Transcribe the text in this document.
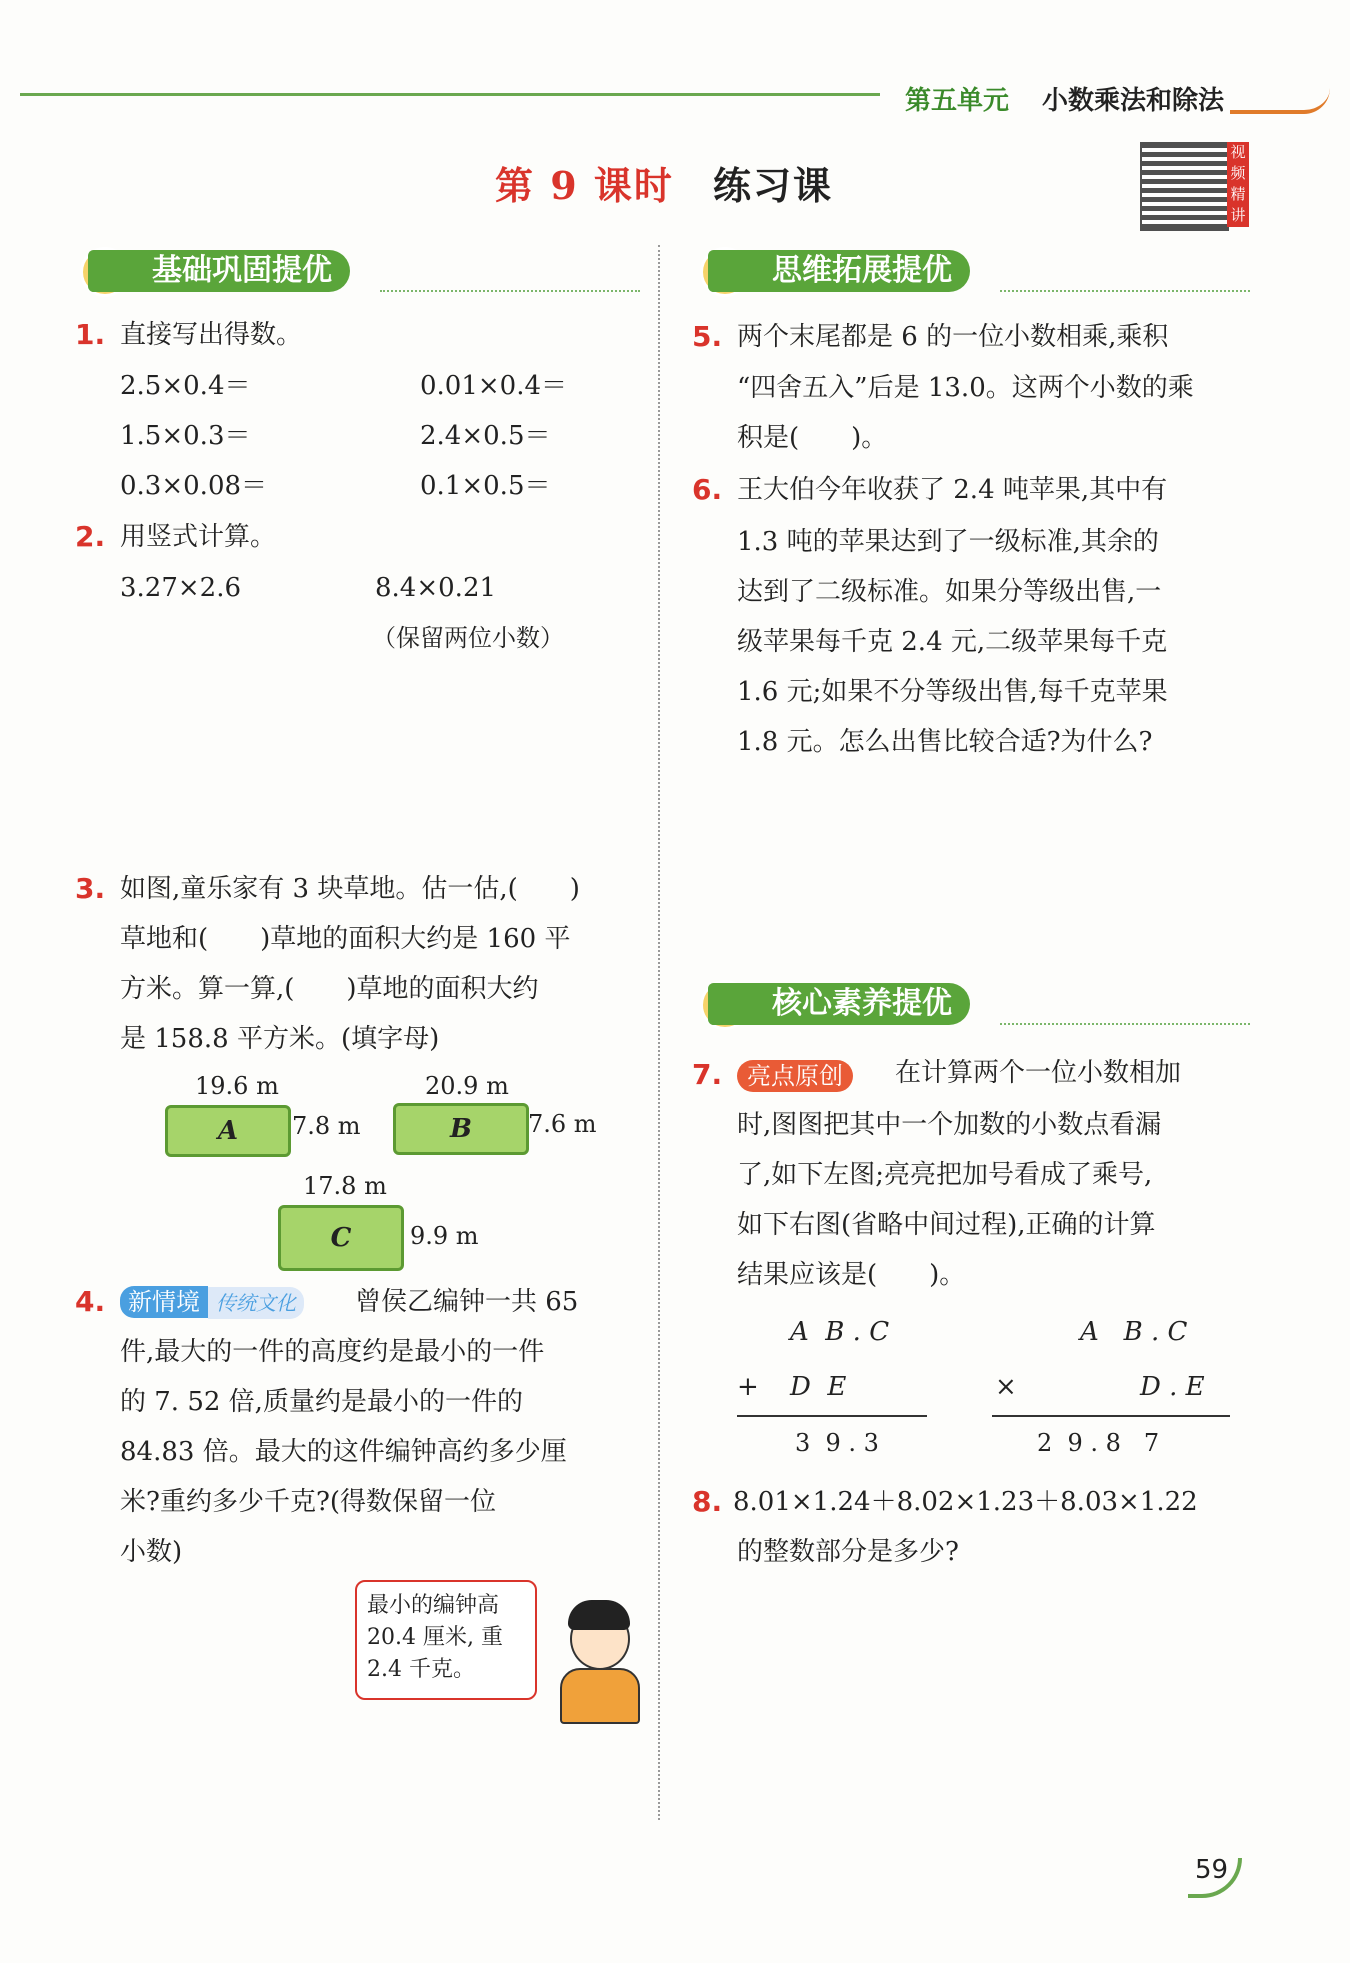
第五单元 小数乘法和除法
第 9 课时 练习课
视频精讲
基础巩固提优
1. 直接写出得数。
2.5×0.4＝	0.01×0.4＝
1.5×0.3＝	2.4×0.5＝
0.3×0.08＝	0.1×0.5＝
2. 用竖式计算。
3.27×2.6	8.4×0.21
（保留两位小数）
3. 如图,童乐家有 3 块草地。估一估,(　　)
草地和(　　)草地的面积大约是 160 平
方米。算一算,(　　)草地的面积大约
是 158.8 平方米。(填字母)
19.6 m
A	7.8 m
20.9 m
B	7.6 m
17.8 m
C	9.9 m
4. 新情境 传统文化	曾侯乙编钟一共 65
件,最大的一件的高度约是最小的一件
的 7. 52 倍,质量约是最小的一件的
84.83 倍。最大的这件编钟高约多少厘
米?重约多少千克?(得数保留一位
小数)
最小的编钟高
20.4 厘米, 重
2.4 千克。
思维拓展提优
5. 两个末尾都是 6 的一位小数相乘,乘积
“四舍五入”后是 13.0。这两个小数的乘
积是(　　)。
6. 王大伯今年收获了 2.4 吨苹果,其中有
1.3 吨的苹果达到了一级标准,其余的
达到了二级标准。如果分等级出售,一
级苹果每千克 2.4 元,二级苹果每千克
1.6 元;如果不分等级出售,每千克苹果
1.8 元。怎么出售比较合适?为什么?
核心素养提优
7.	亮点原创	在计算两个一位小数相加
时,图图把其中一个加数的小数点看漏
了,如下左图;亮亮把加号看成了乘号,
如下右图(省略中间过程),正确的计算
结果应该是(　　)。
A  B . C
+ D  E
3  9 . 3
A   B . C
×	D . E
2  9 . 8   7
8. 8.01×1.24＋8.02×1.23＋8.03×1.22
的整数部分是多少?
59
